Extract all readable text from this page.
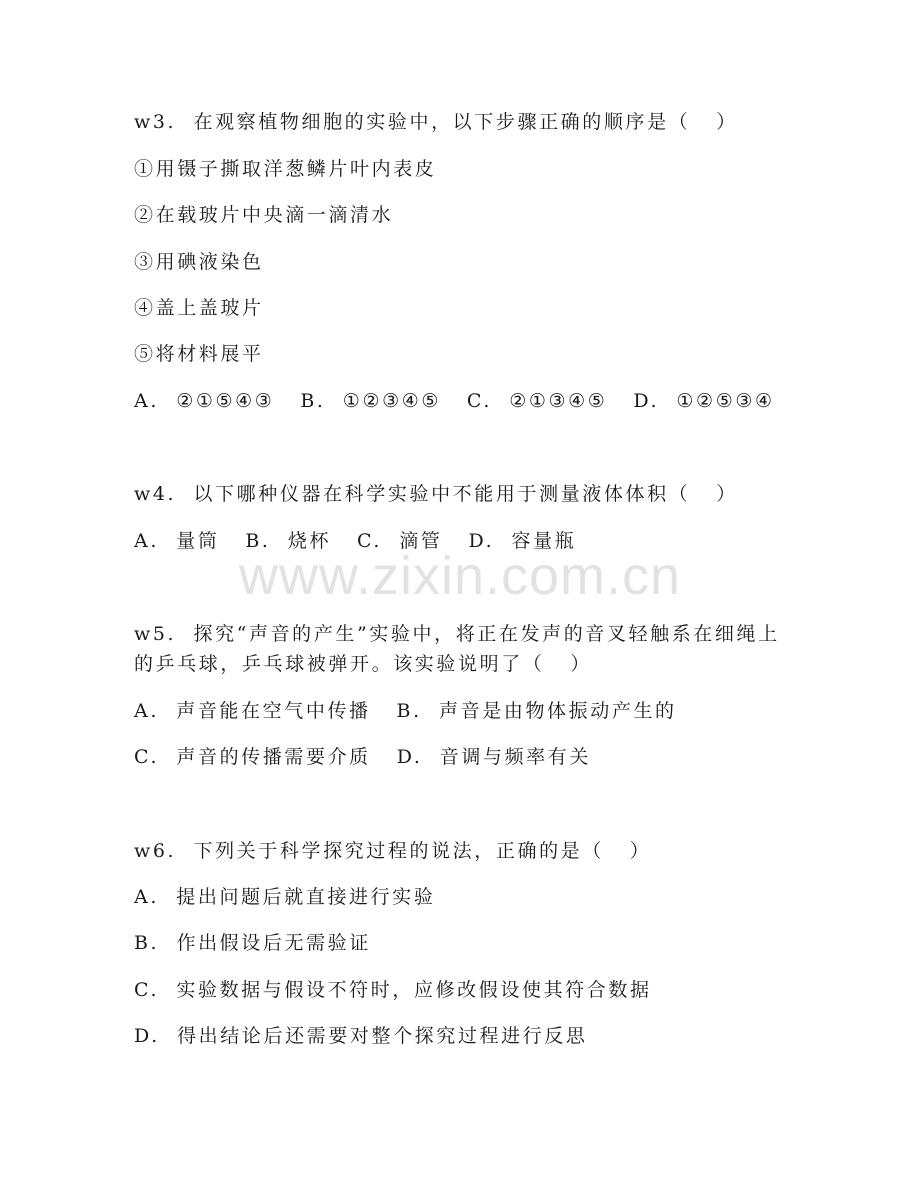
w3.  在观察植物细胞的实验中，以下步骤正确的顺序是（   ）
①用镊子撕取洋葱鳞片叶内表皮
②在载玻片中央滴一滴清水
③用碘液染色
④盖上盖玻片
⑤将材料展平
A.  ②①⑤④③   B.  ①②③④⑤   C.  ②①③④⑤   D.  ①②⑤③④
w4.  以下哪种仪器在科学实验中不能用于测量液体体积（   ）
A.  量筒   B.  烧杯   C.  滴管   D.  容量瓶
w5.  探究“声音的产生”实验中，将正在发声的音叉轻触系在细绳上
的乒乓球，乒乓球被弹开。该实验说明了（   ）
A.  声音能在空气中传播   B.  声音是由物体振动产生的
C.  声音的传播需要介质   D.  音调与频率有关
w6.  下列关于科学探究过程的说法，正确的是（   ）
A.  提出问题后就直接进行实验
B.  作出假设后无需验证
C.  实验数据与假设不符时，应修改假设使其符合数据
D.  得出结论后还需要对整个探究过程进行反思
www.zixin.com.cn
